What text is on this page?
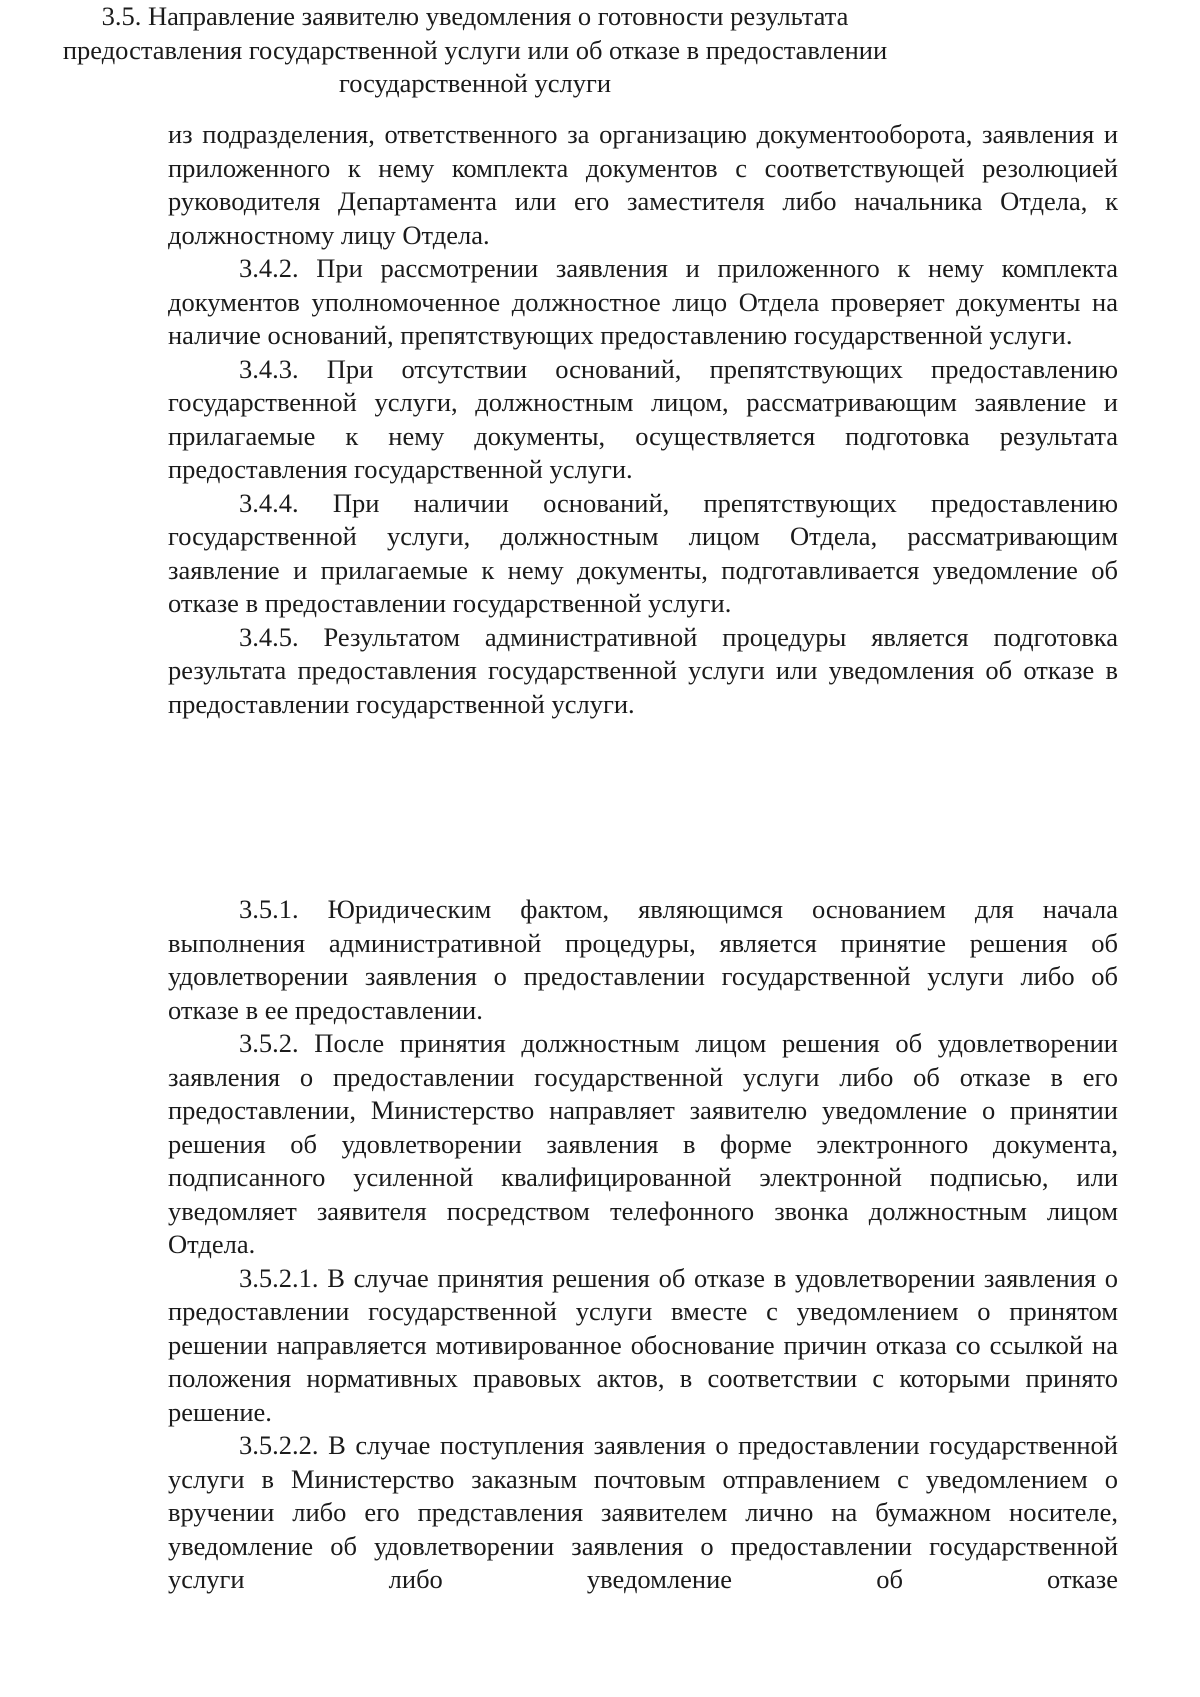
из подразделения, ответственного за организацию документооборота, заявления и приложенного к нему комплекта документов с соответствующей резолюцией руководителя Департамента или его заместителя либо начальника Отдела, к должностному лицу Отдела.

3.4.2. При рассмотрении заявления и приложенного к нему комплекта документов уполномоченное должностное лицо Отдела проверяет документы на наличие оснований, препятствующих предоставлению государственной услуги.

3.4.3. При отсутствии оснований, препятствующих предоставлению государственной услуги, должностным лицом, рассматривающим заявление и прилагаемые к нему документы, осуществляется подготовка результата предоставления государственной услуги.

3.4.4. При наличии оснований, препятствующих предоставлению государственной услуги, должностным лицом Отдела, рассматривающим заявление и прилагаемые к нему документы, подготавливается уведомление об отказе в предоставлении государственной услуги.

3.4.5. Результатом административной процедуры является подготовка результата предоставления государственной услуги или уведомления об отказе в предоставлении государственной услуги.

3.5. Направление заявителю уведомления о готовности результата
предоставления государственной услуги или об отказе в предоставлении
государственной услуги

3.5.1. Юридическим фактом, являющимся основанием для начала выполнения административной процедуры, является принятие решения об удовлетворении заявления о предоставлении государственной услуги либо об отказе в ее предоставлении.

3.5.2. После принятия должностным лицом решения об удовлетворении заявления о предоставлении государственной услуги либо об отказе в его предоставлении, Министерство направляет заявителю уведомление о принятии решения об удовлетворении заявления в форме электронного документа, подписанного усиленной квалифицированной электронной подписью, или уведомляет заявителя посредством телефонного звонка должностным лицом Отдела.

3.5.2.1. В случае принятия решения об отказе в удовлетворении заявления о предоставлении государственной услуги вместе с уведомлением о принятом решении направляется мотивированное обоснование причин отказа со ссылкой на положения нормативных правовых актов, в соответствии с которыми принято решение.

3.5.2.2. В случае поступления заявления о предоставлении государственной услуги в Министерство заказным почтовым отправлением с уведомлением о вручении либо его представления заявителем лично на бумажном носителе, уведомление об удовлетворении заявления о предоставлении государственной услуги либо уведомление об отказе
